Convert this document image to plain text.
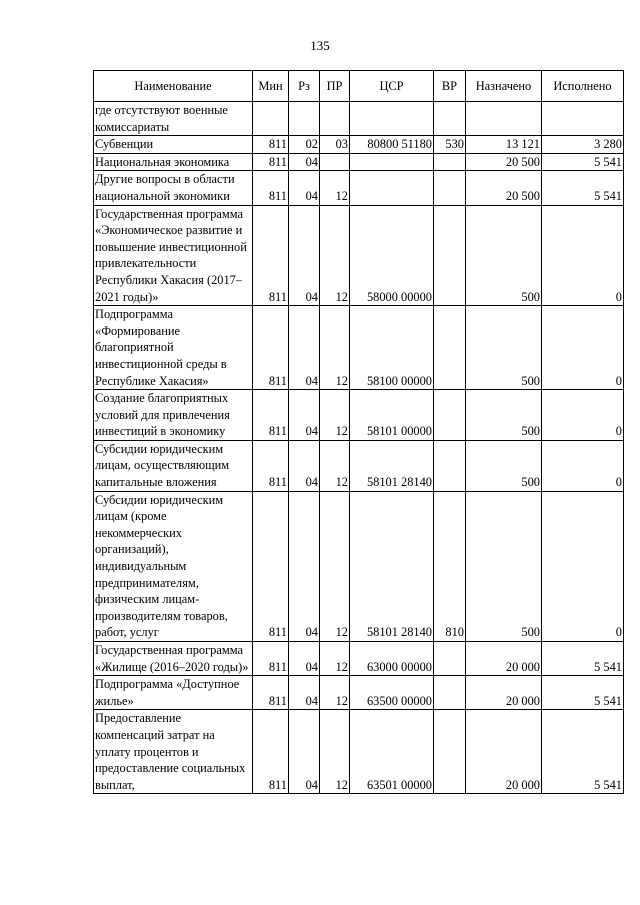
135
Наименование	Мин	Рз	ПР	ЦСР	ВР	Назначено	Исполнено
где отсутствуют военные комиссариаты							
Субвенции	811	02	03	80800 51180	530	13 121	3 280
Национальная экономика	811	04				20 500	5 541
Другие вопросы в области национальной экономики	811	04	12			20 500	5 541
Государственная программа «Экономическое развитие и повышение инвестиционной привлекательности Республики Хакасия (2017–2021 годы)»	811	04	12	58000 00000		500	0
Подпрограмма «Формирование благоприятной инвестиционной среды в Республике Хакасия»	811	04	12	58100 00000		500	0
Создание благоприятных условий для привлечения инвестиций в экономику	811	04	12	58101 00000		500	0
Субсидии юридическим лицам, осуществляющим капитальные вложения	811	04	12	58101 28140		500	0
Субсидии юридическим лицам (кроме некоммерческих организаций), индивидуальным предпринимателям, физическим лицам-производителям товаров, работ, услуг	811	04	12	58101 28140	810	500	0
Государственная программа «Жилище (2016–2020 годы)»	811	04	12	63000 00000		20 000	5 541
Подпрограмма «Доступное жилье»	811	04	12	63500 00000		20 000	5 541
Предоставление компенсаций затрат на уплату процентов и предоставление социальных выплат,	811	04	12	63501 00000		20 000	5 541
